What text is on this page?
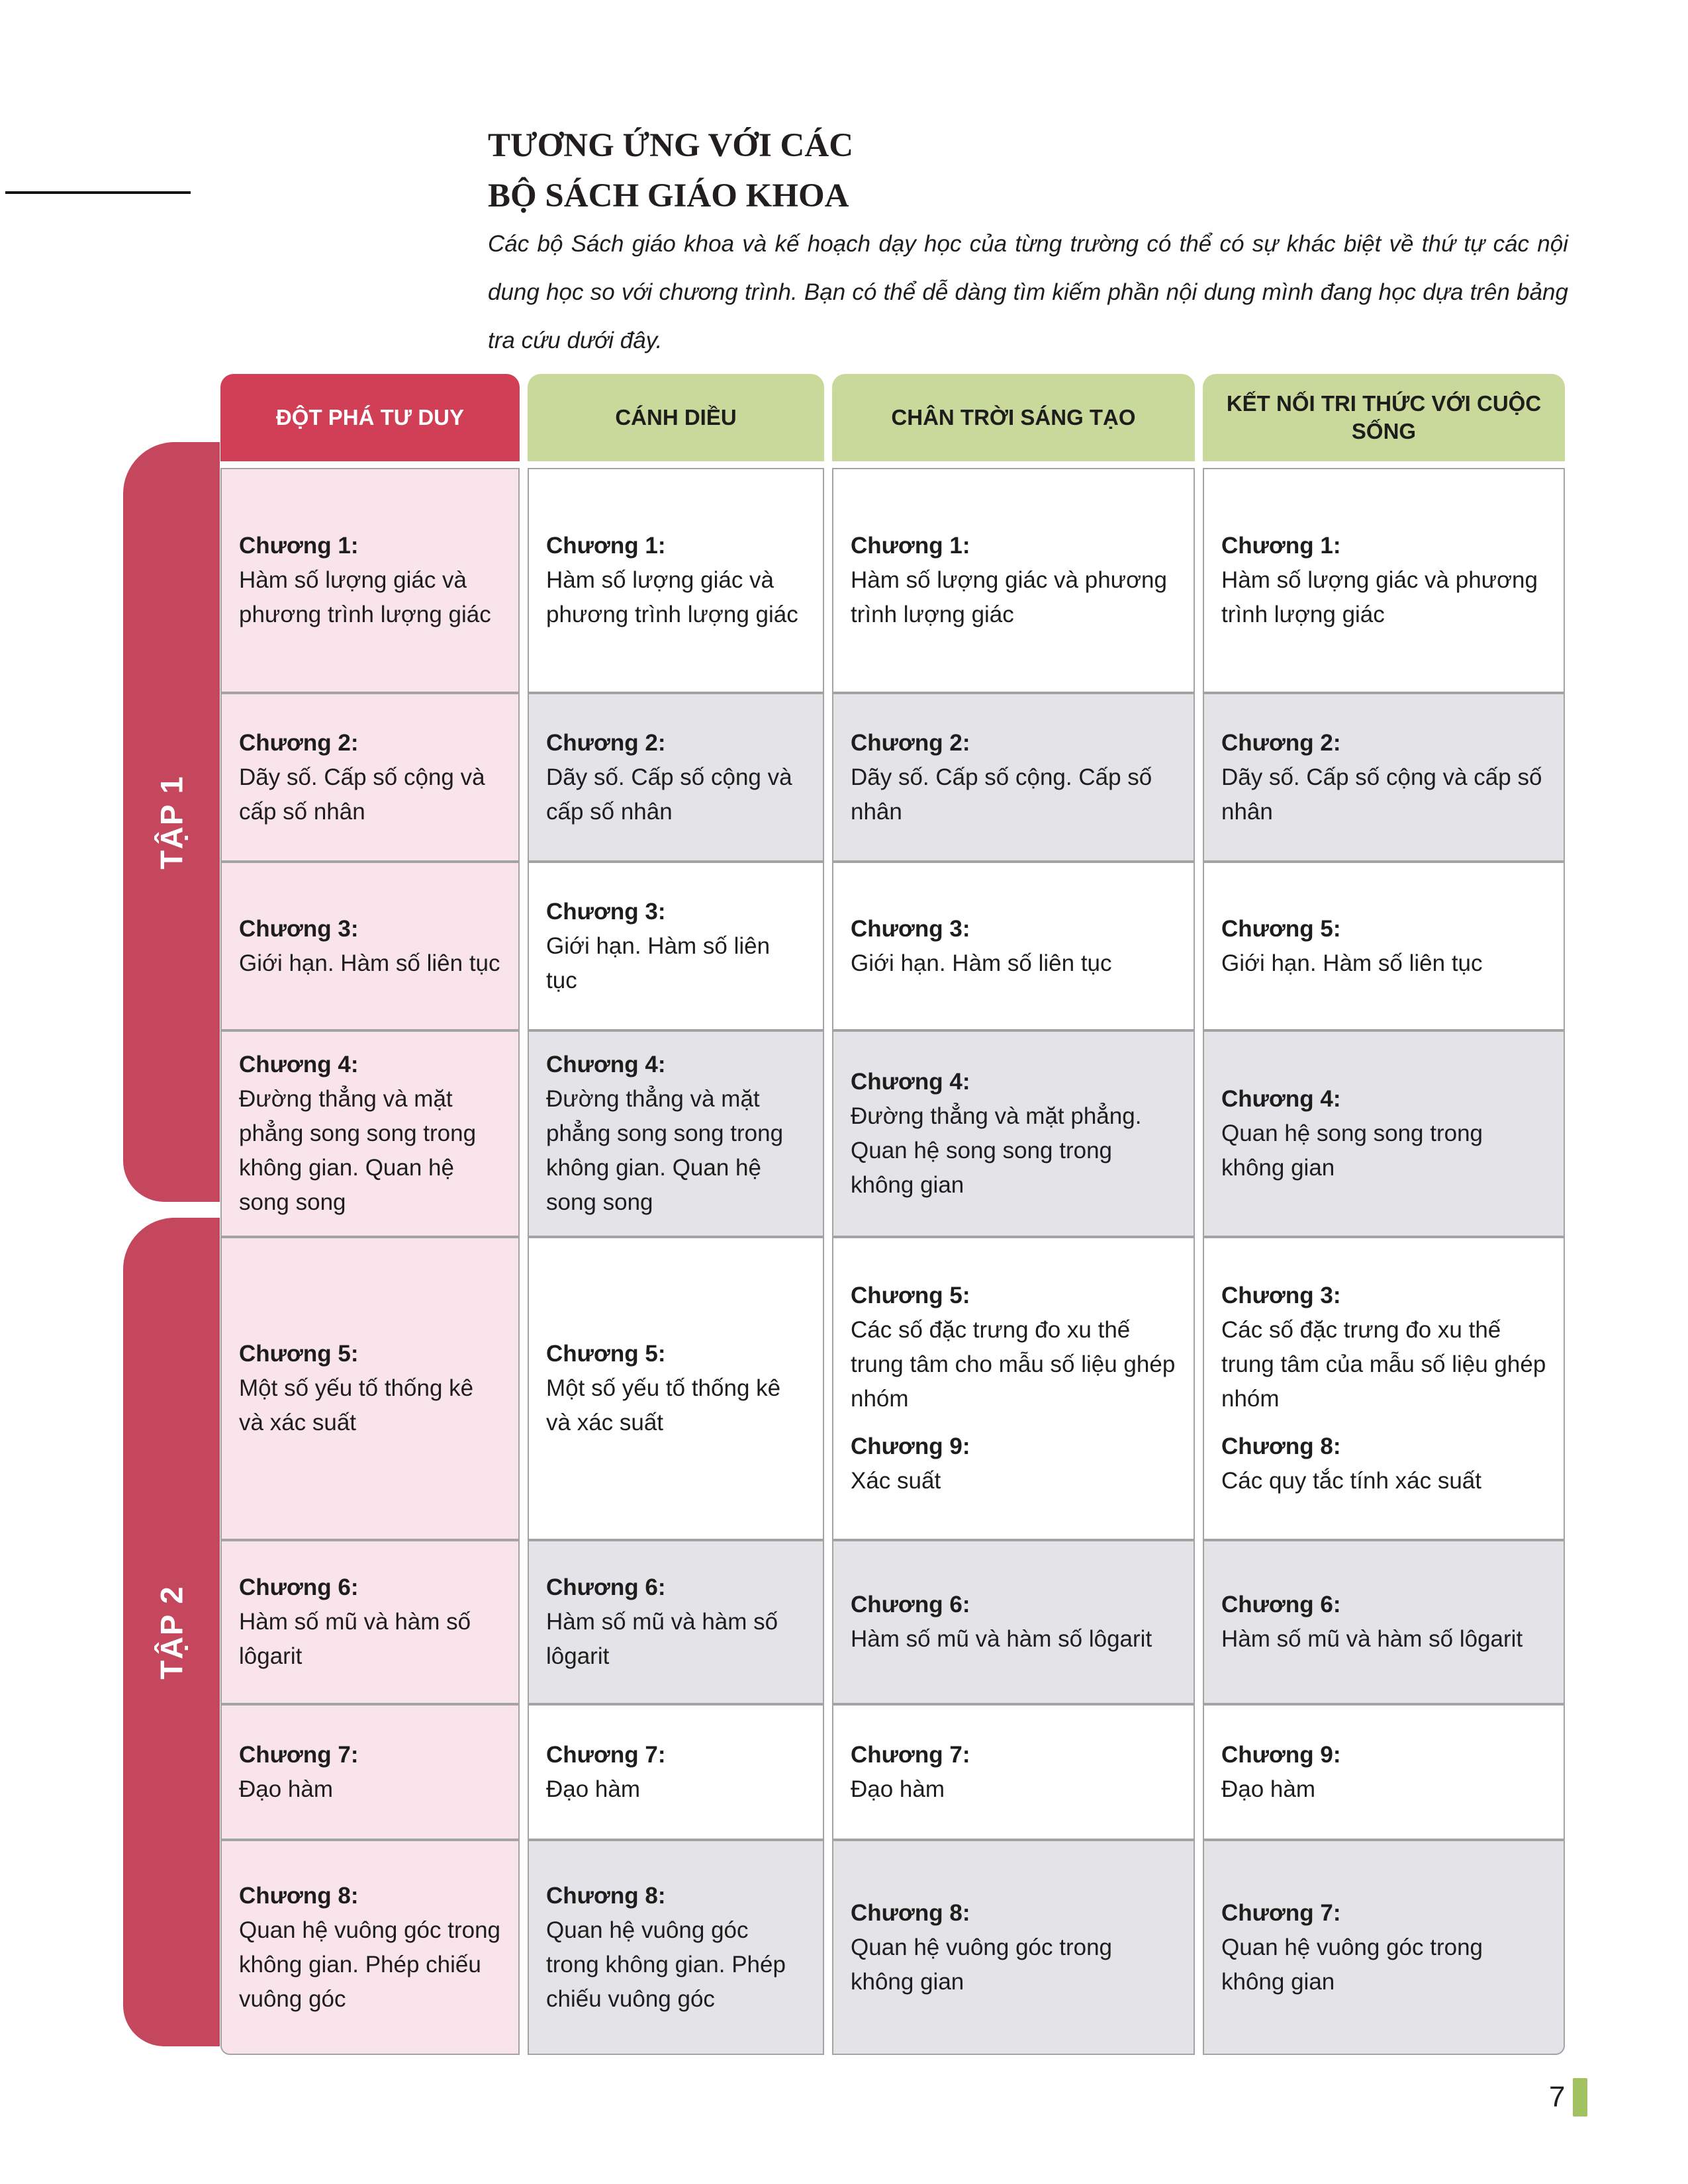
TƯƠNG ỨNG VỚI CÁC
BỘ SÁCH GIÁO KHOA

Các bộ Sách giáo khoa và kế hoạch dạy học của từng trường có thể có sự khác biệt về thứ tự các nội dung học so với chương trình. Bạn có thể dễ dàng tìm kiếm phần nội dung mình đang học dựa trên bảng tra cứu dưới đây.

TẬP 1
TẬP 2
ĐỘT PHÁ TƯ DUY	CÁNH DIỀU	CHÂN TRỜI SÁNG TẠO
KẾT NỐI TRI THỨC VỚI CUỘC SỐNG
Chương 1:
Hàm số lượng giác và phương trình lượng giác
Chương 1:
Hàm số lượng giác và phương trình lượng giác
Chương 1:
Hàm số lượng giác và phương trình lượng giác
Chương 1:
Hàm số lượng giác và phương trình lượng giác
Chương 2:
Dãy số. Cấp số cộng và cấp số nhân
Chương 2:
Dãy số. Cấp số cộng và cấp số nhân
Chương 2:
Dãy số. Cấp số cộng. Cấp số nhân
Chương 2:
Dãy số. Cấp số cộng và cấp số nhân
Chương 3:
Giới hạn. Hàm số liên tục
Chương 3:
Giới hạn. Hàm số liên tục
Chương 3:
Giới hạn. Hàm số liên tục
Chương 5:
Giới hạn. Hàm số liên tục
Chương 4:
Đường thẳng và mặt phẳng song song trong không gian. Quan hệ song song
Chương 4:
Đường thẳng và mặt phẳng song song trong không gian. Quan hệ song song
Chương 4:
Đường thẳng và mặt phẳng. Quan hệ song song trong không gian
Chương 4:
Quan hệ song song trong không gian
Chương 5:
Một số yếu tố thống kê và xác suất
Chương 5:
Một số yếu tố thống kê và xác suất
Chương 5:
Các số đặc trưng đo xu thế trung tâm cho mẫu số liệu ghép nhóm
Chương 9:
Xác suất
Chương 3:
Các số đặc trưng đo xu thế trung tâm của mẫu số liệu ghép nhóm
Chương 8:
Các quy tắc tính xác suất
Chương 6:
Hàm số mũ và hàm số lôgarit
Chương 6:
Hàm số mũ và hàm số lôgarit
Chương 6:
Hàm số mũ và hàm số lôgarit
Chương 6:
Hàm số mũ và hàm số lôgarit
Chương 7:
Đạo hàm
Chương 7:
Đạo hàm
Chương 7:
Đạo hàm
Chương 9:
Đạo hàm
Chương 8:
Quan hệ vuông góc trong không gian. Phép chiếu vuông góc
Chương 8:
Quan hệ vuông góc trong không gian. Phép chiếu vuông góc
Chương 8:
Quan hệ vuông góc trong không gian
Chương 7:
Quan hệ vuông góc trong không gian
7
